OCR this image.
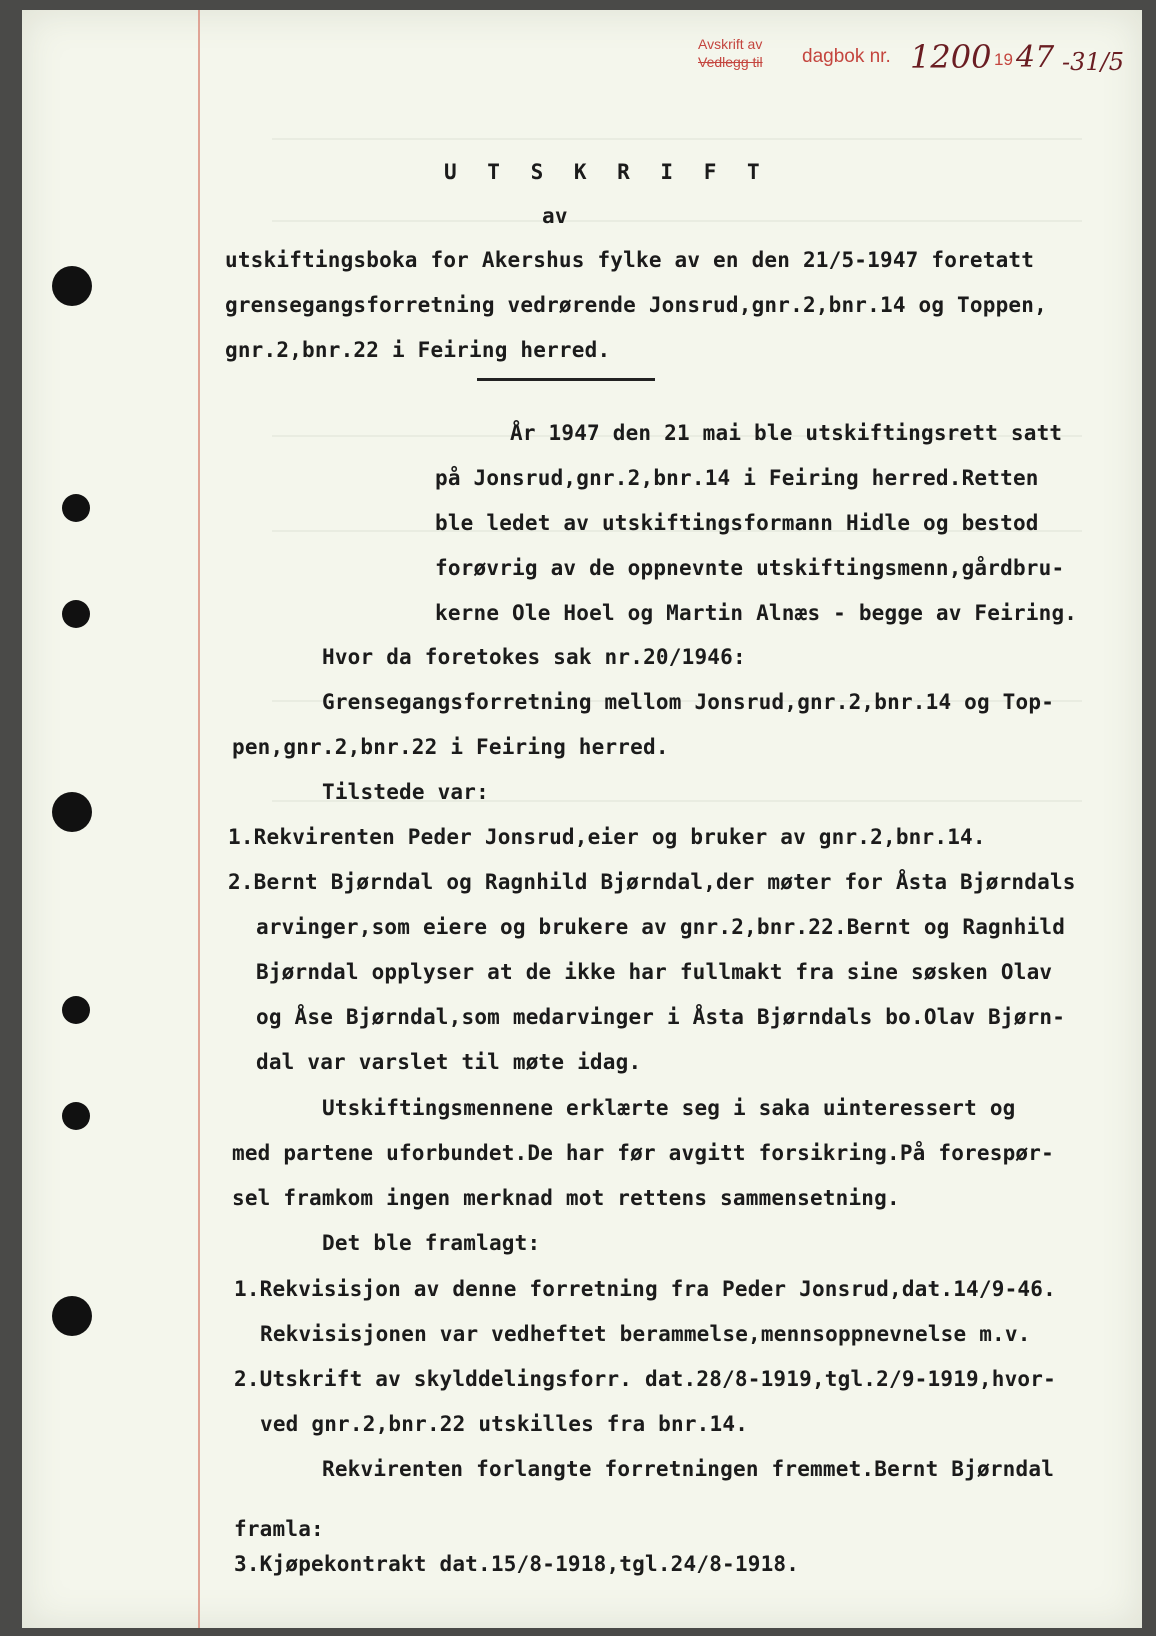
Avskrift av
Vedlegg til dagbok nr. 1200 19 47 -31/5
U T S K R I F T
av
utskiftingsboka for Akershus fylke av en den 21/5-1947 foretatt
grensegangsforretning vedrørende Jonsrud,gnr.2,bnr.14 og Toppen,
gnr.2,bnr.22 i Feiring herred.
År 1947 den 21 mai ble utskiftingsrett satt
på Jonsrud,gnr.2,bnr.14 i Feiring herred.Retten
ble ledet av utskiftingsformann Hidle og bestod
forøvrig av de oppnevnte utskiftingsmenn,gårdbru-
kerne Ole Hoel og Martin Alnæs - begge av Feiring.
Hvor da foretokes sak nr.20/1946:
Grensegangsforretning mellom Jonsrud,gnr.2,bnr.14 og Top-
pen,gnr.2,bnr.22 i Feiring herred.
Tilstede var:
1.Rekvirenten Peder Jonsrud,eier og bruker av gnr.2,bnr.14.
2.Bernt Bjørndal og Ragnhild Bjørndal,der møter for Åsta Bjørndals
arvinger,som eiere og brukere av gnr.2,bnr.22.Bernt og Ragnhild
Bjørndal opplyser at de ikke har fullmakt fra sine søsken Olav
og Åse Bjørndal,som medarvinger i Åsta Bjørndals bo.Olav Bjørn-
dal var varslet til møte idag.
Utskiftingsmennene erklærte seg i saka uinteressert og
med partene uforbundet.De har før avgitt forsikring.På forespør-
sel framkom ingen merknad mot rettens sammensetning.
Det ble framlagt:
1.Rekvisisjon av denne forretning fra Peder Jonsrud,dat.14/9-46.
Rekvisisjonen var vedheftet berammelse,mennsoppnevnelse m.v.
2.Utskrift av skylddelingsforr. dat.28/8-1919,tgl.2/9-1919,hvor-
ved gnr.2,bnr.22 utskilles fra bnr.14.
Rekvirenten forlangte forretningen fremmet.Bernt Bjørndal
framla:
3.Kjøpekontrakt dat.15/8-1918,tgl.24/8-1918.
